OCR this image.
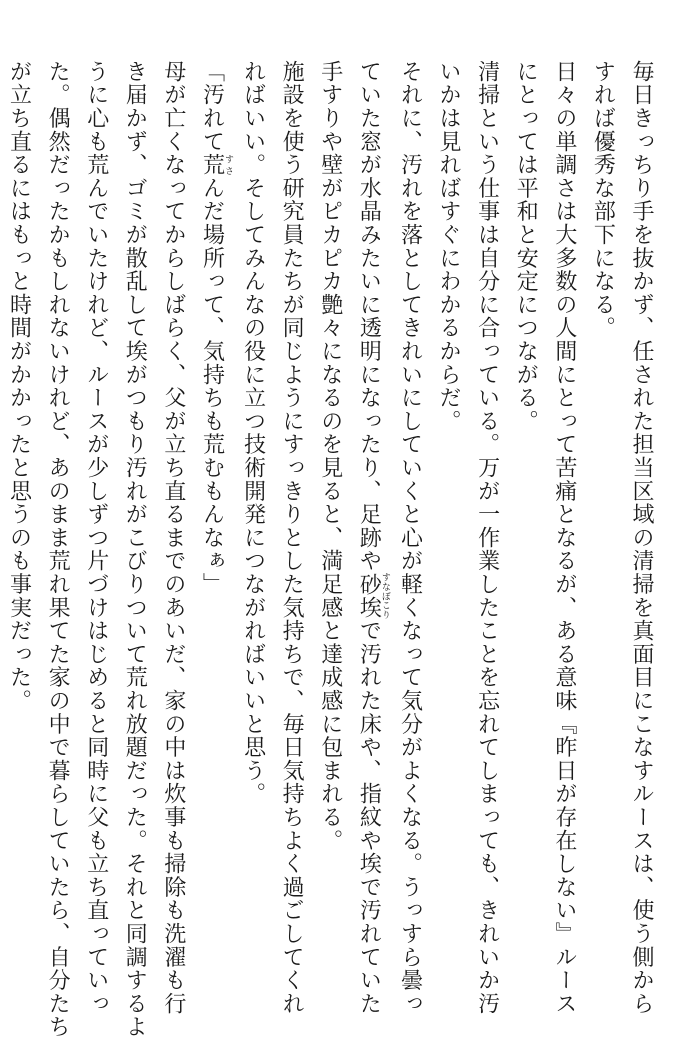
毎日きっちり手を抜かず、任された担当区域の清掃を真面目にこなすルースは、使う側から
すれば優秀な部下になる。
日々の単調さは大多数の人間にとって苦痛となるが、ある意味『昨日が存在しない』ルース
にとっては平和と安定につながる。
清掃という仕事は自分に合っている。万が一作業したことを忘れてしまっても、きれいか汚
いかは見ればすぐにわかるからだ。
それに、汚れを落としてきれいにしていくと心が軽くなって気分がよくなる。うっすら曇っ
ていた窓が水晶みたいに透明になったり、足跡や砂埃すなぼこりで汚れた床や、指紋や埃で汚れていた
手すりや壁がピカピカ艶々になるのを見ると、満足感と達成感に包まれる。
施設を使う研究員たちが同じようにすっきりとした気持ちで、毎日気持ちよく過ごしてくれ
ればいい。そしてみんなの役に立つ技術開発につながればいいと思う。
「汚れて荒すさんだ場所って、気持ちも荒むもんなぁ」
母が亡くなってからしばらく、父が立ち直るまでのあいだ、家の中は炊事も掃除も洗濯も行
き届かず、ゴミが散乱して埃がつもり汚れがこびりついて荒れ放題だった。それと同調するよ
うに心も荒んでいたけれど、ルースが少しずつ片づけはじめると同時に父も立ち直っていっ
た。偶然だったかもしれないけれど、あのまま荒れ果てた家の中で暮らしていたら、自分たち
が立ち直るにはもっと時間がかかったと思うのも事実だった。
